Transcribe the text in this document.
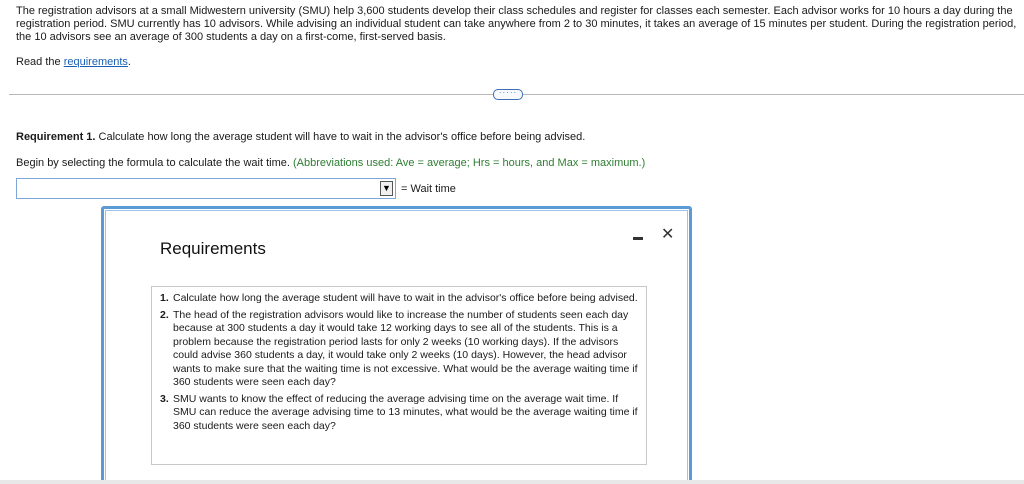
The registration advisors at a small Midwestern university (SMU) help 3,600 students develop their class schedules and register for classes each semester. Each advisor works for 10 hours a day during the registration period. SMU currently has 10 advisors. While advising an individual student can take anywhere from 2 to 30 minutes, it takes an average of 15 minutes per student. During the registration period, the 10 advisors see an average of 300 students a day on a first-come, first-served basis.
Read the requirements.
·····
Requirement 1. Calculate how long the average student will have to wait in the advisor's office before being advised.
Begin by selecting the formula to calculate the wait time. (Abbreviations used: Ave = average; Hrs = hours, and Max = maximum.)
▼ = Wait time
Requirements
✕
1. Calculate how long the average student will have to wait in the advisor's office before being advised.
2. The head of the registration advisors would like to increase the number of students seen each day because at 300 students a day it would take 12 working days to see all of the students. This is a problem because the registration period lasts for only 2 weeks (10 working days). If the advisors could advise 360 students a day, it would take only 2 weeks (10 days). However, the head advisor wants to make sure that the waiting time is not excessive. What would be the average waiting time if 360 students were seen each day?
3. SMU wants to know the effect of reducing the average advising time on the average wait time. If SMU can reduce the average advising time to 13 minutes, what would be the average waiting time if 360 students were seen each day?
